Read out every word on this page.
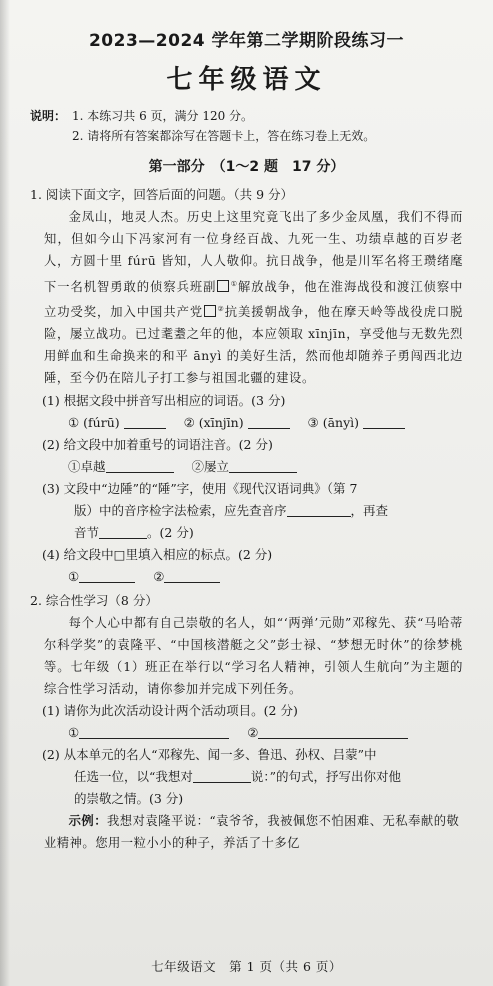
2023—2024 学年第二学期阶段练习一
七年级语文
说明： 1. 本练习共 6 页，满分 120 分。
2. 请将所有答案都涂写在答题卡上，答在练习卷上无效。
第一部分　（1～2 题　17 分）
1. 阅读下面文字，回答后面的问题。（共 9 分）
金凤山，地灵人杰。历史上这里究竟飞出了多少金凤凰，我们不得而知，但如今山下冯家河有一位身经百战、九死一生、功绩卓越的百岁老人，方圆十里 fúrū 皆知，人人敬仰。抗日战争，他是川军名将王瓒绪麾下一名机智勇敢的侦察兵班副 ①解放战争，他在淮海战役和渡江侦察中立功受奖，加入中国共产党 ②抗美援朝战争，他在摩天岭等战役虎口脱险，屡立战功。已过耄耋之年的他，本应领取 xīnjīn，享受他与无数先烈用鲜血和生命换来的和平 ānyì 的美好生活，然而他却随养子勇闯西北边陲，至今仍在陪儿子打工参与祖国北疆的建设。
(1) 根据文段中拼音写出相应的词语。(3 分)
① (fúrū)	② (xīnjīn)	③ (ānyì)
(2) 给文段中加着重号的词语注音。(2 分)
①卓越	②屡立
(3) 文段中“边陲”的“陲”字，使用《现代汉语词典》（第 7
版）中的音序检字法检索，应先查音序	，再查
音节	。(2 分)
(4) 给文段中□里填入相应的标点。(2 分)
①	②
2. 综合性学习（8 分）
每个人心中都有自己崇敬的名人，如“‘两弹’元勋”邓稼先、获“马哈蒂尔科学奖”的袁隆平、“中国核潜艇之父”彭士禄、“梦想无时休”的徐梦桃等。七年级（1）班正在举行以“学习名人精神，引领人生航向”为主题的综合性学习活动，请你参加并完成下列任务。
(1) 请你为此次活动设计两个活动项目。(2 分)
①	②
(2) 从本单元的名人“邓稼先、闻一多、鲁迅、孙权、吕蒙”中
任选一位，以“我想对	说：”的句式，抒写出你对他
的崇敬之情。(3 分)
示例：我想对袁隆平说：“袁爷爷，我被佩您不怕困难、无私奉献的敬业精神。您用一粒小小的种子，养活了十多亿
七年级语文　第 1 页（共 6 页）
